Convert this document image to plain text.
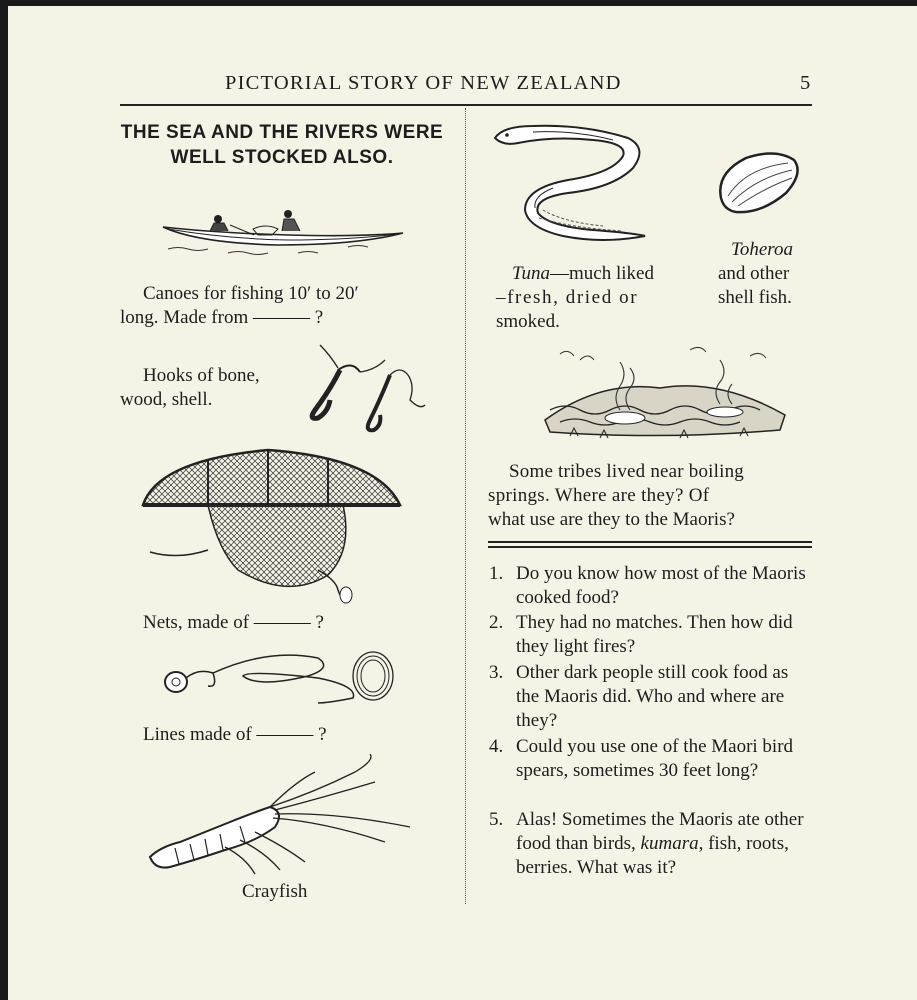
PICTORIAL STORY OF NEW ZEALAND	5
THE SEA AND THE RIVERS WERE WELL STOCKED ALSO.
Canoes for fishing 10′ to 20′
long. Made from ——— ?
Hooks of bone,
wood, shell.
Nets, made of ——— ?
Lines made of ——— ?
Crayfish
Tuna—much liked
–fresh, dried or
smoked.
Toheroa
and other
shell fish.
Some tribes lived near boiling
springs. Where are they? Of
what use are they to the Maoris?
1. Do you know how most of the Maoris cooked food?
2. They had no matches. Then how did they light fires?
3. Other dark people still cook food as the Maoris did. Who and where are they?
4. Could you use one of the Maori bird spears, sometimes 30 feet long?
5. Alas! Sometimes the Maoris ate other food than birds, kumara, fish, roots, berries. What was it?
